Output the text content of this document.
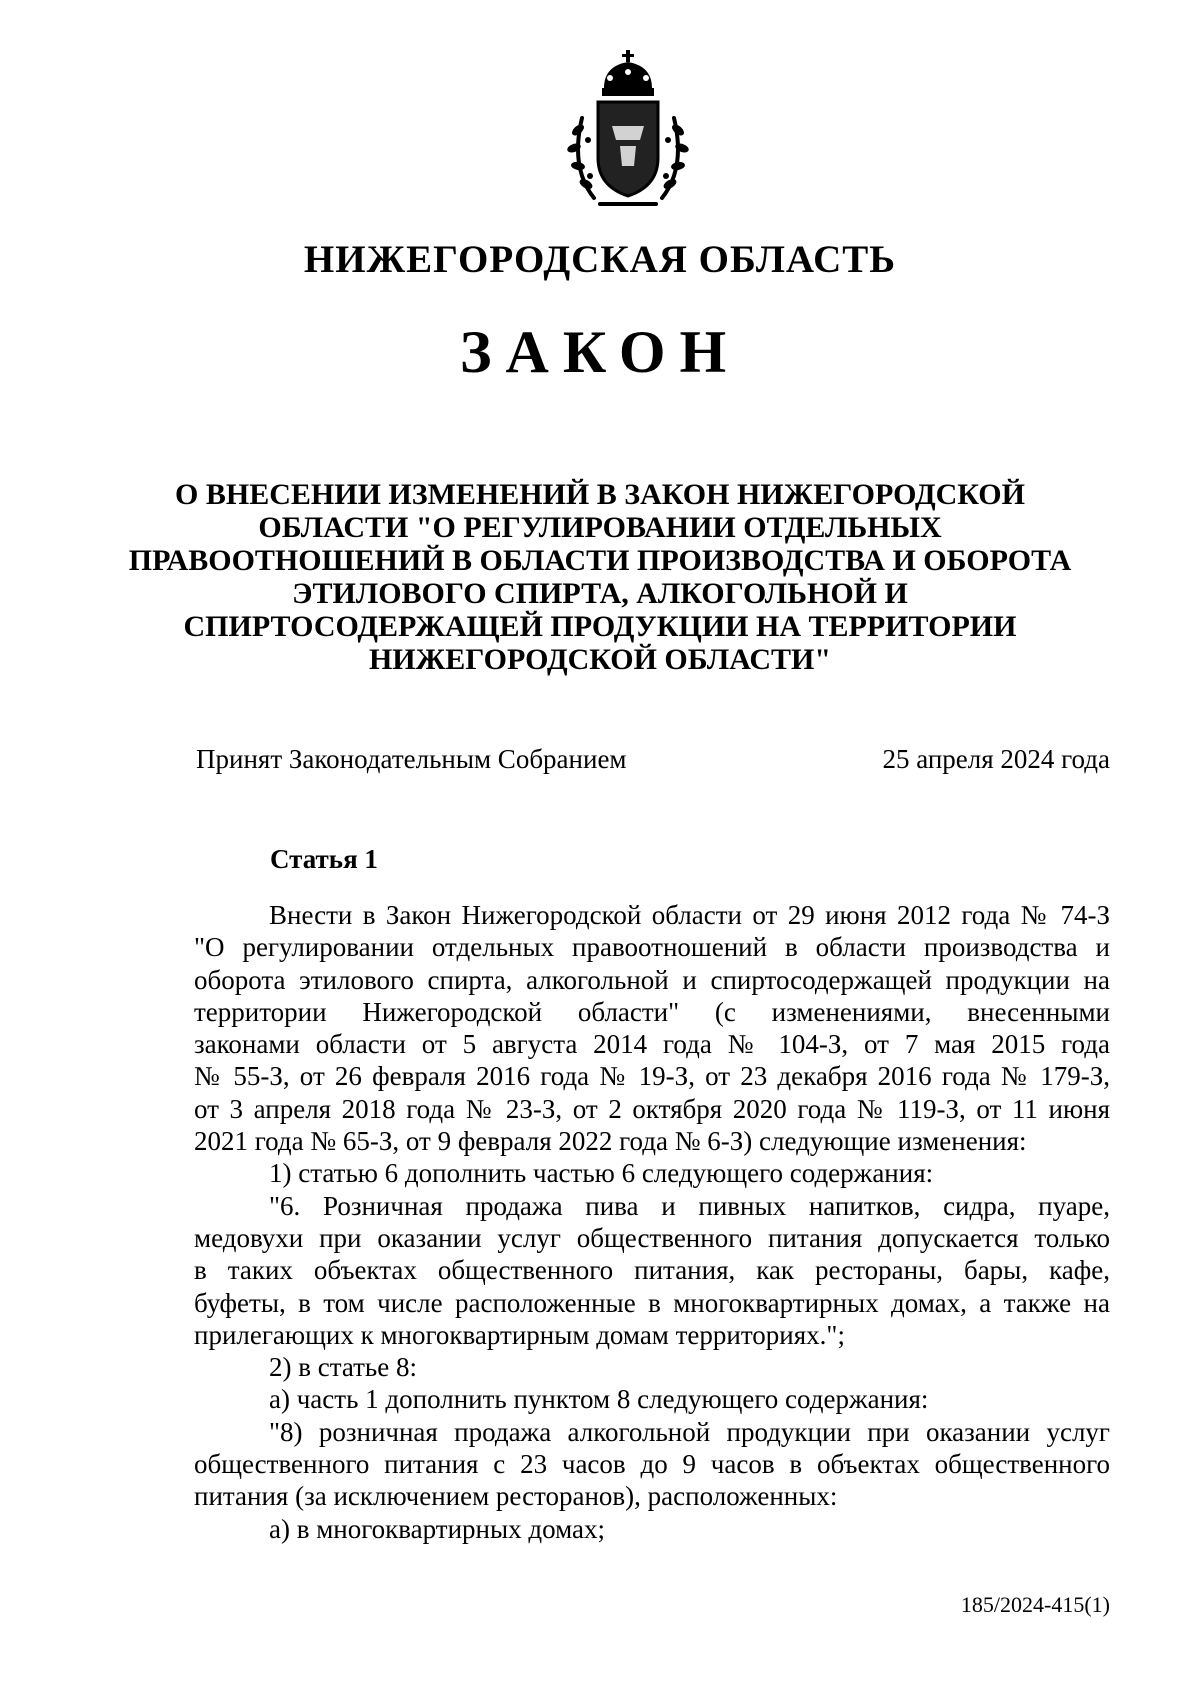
НИЖЕГОРОДСКАЯ ОБЛАСТЬ
ЗАКОН
О ВНЕСЕНИИ ИЗМЕНЕНИЙ В ЗАКОН НИЖЕГОРОДСКОЙ
ОБЛАСТИ "О РЕГУЛИРОВАНИИ ОТДЕЛЬНЫХ
ПРАВООТНОШЕНИЙ В ОБЛАСТИ ПРОИЗВОДСТВА И ОБОРОТА
ЭТИЛОВОГО СПИРТА, АЛКОГОЛЬНОЙ И
СПИРТОСОДЕРЖАЩЕЙ ПРОДУКЦИИ НА ТЕРРИТОРИИ
НИЖЕГОРОДСКОЙ ОБЛАСТИ"
Принят Законодательным Собранием	25 апреля 2024 года
Статья 1
Внести в Закон Нижегородской области от 29 июня 2012 года № 74-З
"О регулировании отдельных правоотношений в области производства и
оборота этилового спирта, алкогольной и спиртосодержащей продукции на
территории Нижегородской области" (с изменениями, внесенными
законами области от 5 августа 2014 года № 104-З, от 7 мая 2015 года
№ 55-З, от 26 февраля 2016 года № 19-З, от 23 декабря 2016 года № 179-З,
от 3 апреля 2018 года № 23-З, от 2 октября 2020 года № 119-З, от 11 июня
2021 года № 65-З, от 9 февраля 2022 года № 6-З) следующие изменения:
1) статью 6 дополнить частью 6 следующего содержания:
"6. Розничная продажа пива и пивных напитков, сидра, пуаре,
медовухи при оказании услуг общественного питания допускается только
в таких объектах общественного питания, как рестораны, бары, кафе,
буфеты, в том числе расположенные в многоквартирных домах, а также на
прилегающих к многоквартирным домам территориях.";
2) в статье 8:
а) часть 1 дополнить пунктом 8 следующего содержания:
"8) розничная продажа алкогольной продукции при оказании услуг
общественного питания с 23 часов до 9 часов в объектах общественного
питания (за исключением ресторанов), расположенных:
а) в многоквартирных домах;
185/2024-415(1)
